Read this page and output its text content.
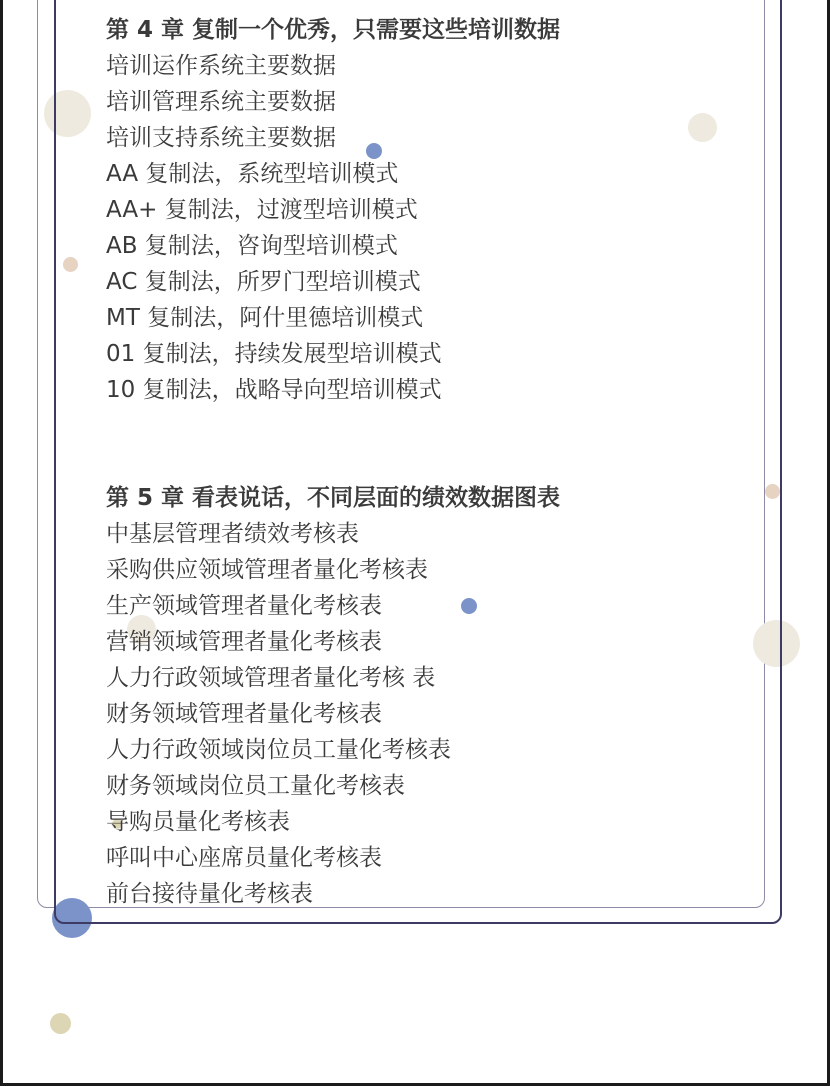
第 4 章 复制一个优秀，只需要这些培训数据
培训运作系统主要数据
培训管理系统主要数据
培训支持系统主要数据
AA 复制法，系统型培训模式
AA+ 复制法，过渡型培训模式
AB 复制法，咨询型培训模式
AC 复制法，所罗门型培训模式
MT 复制法，阿什里德培训模式
01 复制法，持续发展型培训模式
10 复制法，战略导向型培训模式
第 5 章 看表说话，不同层面的绩效数据图表
中基层管理者绩效考核表
采购供应领域管理者量化考核表
生产领域管理者量化考核表
营销领域管理者量化考核表
人力行政领域管理者量化考核 表
财务领域管理者量化考核表
人力行政领域岗位员工量化考核表
财务领域岗位员工量化考核表
导购员量化考核表
呼叫中心座席员量化考核表
前台接待量化考核表
